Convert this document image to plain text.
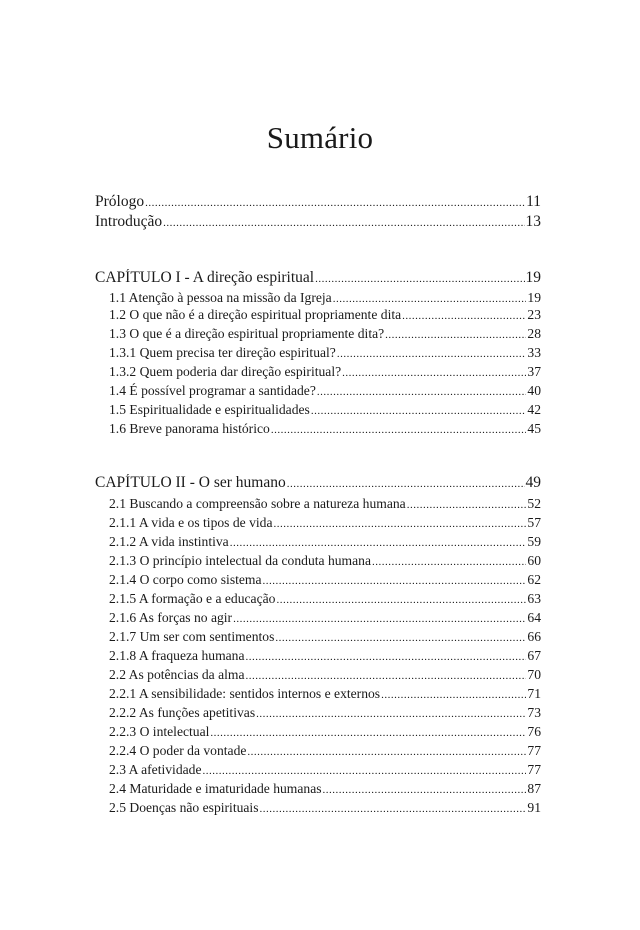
Sumário
Prólogo .....	11
Introdução .....	13
CAPÍTULO I - A direção espiritual .....	19
1.1 Atenção à pessoa na missão da Igreja .....	19
1.2 O que não é a direção espiritual propriamente dita .....	23
1.3 O que é a direção espiritual propriamente dita? .....	28
1.3.1 Quem precisa ter direção espiritual? .....	33
1.3.2 Quem poderia dar direção espiritual? .....	37
1.4 É possível programar a santidade? .....	40
1.5 Espiritualidade e espiritualidades .....	42
1.6 Breve panorama histórico .....	45
CAPÍTULO II - O ser humano .....	49
2.1 Buscando a compreensão sobre a natureza humana .....	52
2.1.1 A vida e os tipos de vida .....	57
2.1.2 A vida instintiva .....	59
2.1.3 O princípio intelectual da conduta humana .....	60
2.1.4 O corpo como sistema .....	62
2.1.5 A formação e a educação .....	63
2.1.6 As forças no agir .....	64
2.1.7 Um ser com sentimentos .....	66
2.1.8 A fraqueza humana .....	67
2.2 As potências da alma .....	70
2.2.1 A sensibilidade: sentidos internos e externos .....	71
2.2.2 As funções apetitivas .....	73
2.2.3 O intelectual .....	76
2.2.4 O poder da vontade .....	77
2.3 A afetividade .....	77
2.4 Maturidade e imaturidade humanas .....	87
2.5 Doenças não espirituais .....	91
